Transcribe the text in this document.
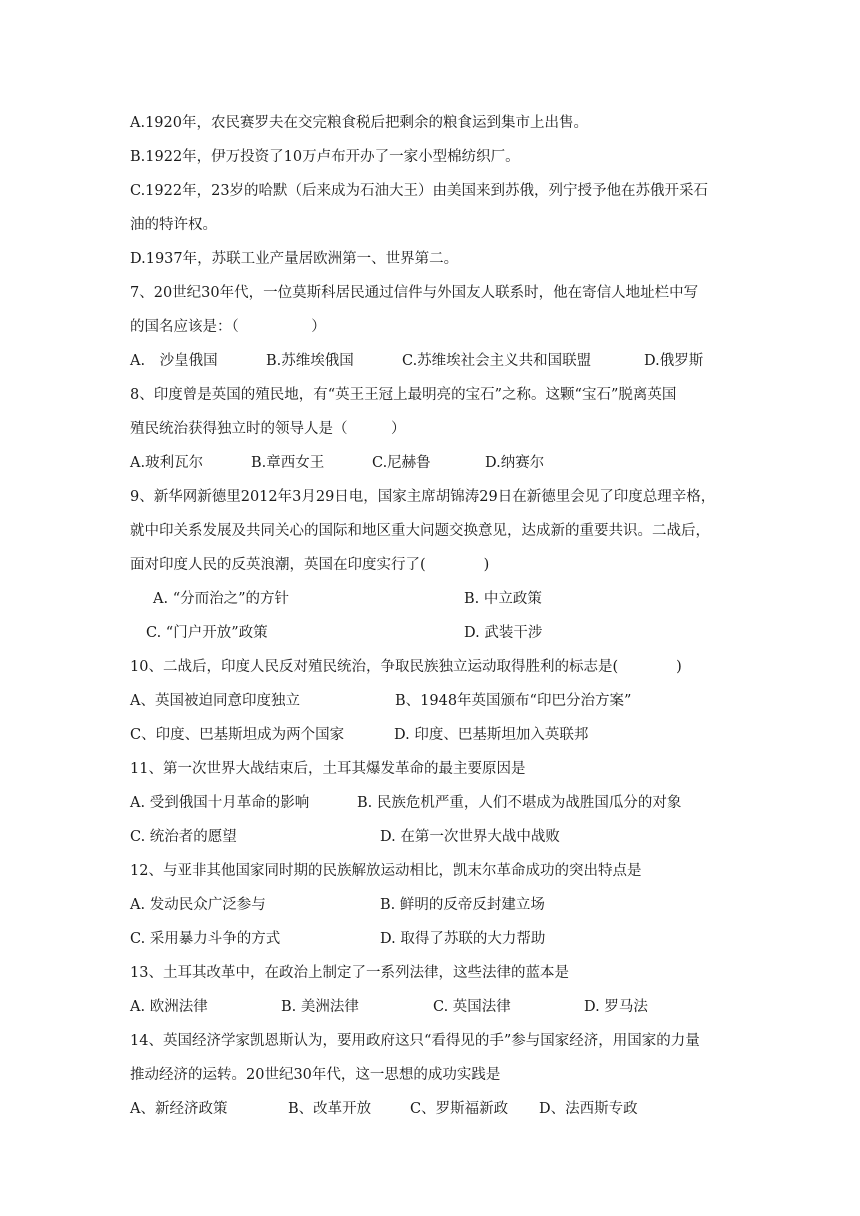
A.1920年，农民赛罗夫在交完粮食税后把剩余的粮食运到集市上出售。
B.1922年，伊万投资了10万卢布开办了一家小型棉纺织厂。
C.1922年，23岁的哈默（后来成为石油大王）由美国来到苏俄，列宁授予他在苏俄开采石
油的特许权。
D.1937年，苏联工业产量居欧洲第一、世界第二。
7、20世纪30年代，一位莫斯科居民通过信件与外国友人联系时，他在寄信人地址栏中写
的国名应该是：（　　　　　）
A.　沙皇俄国	B.苏维埃俄国	C.苏维埃社会主义共和国联盟	D.俄罗斯
8、印度曾是英国的殖民地，有“英王王冠上最明亮的宝石”之称。这颗“宝石”脱离英国
殖民统治获得独立时的领导人是（　　　）
A.玻利瓦尔	B.章西女王	C.尼赫鲁	D.纳赛尔
9、新华网新德里2012年3月29日电，国家主席胡锦涛29日在新德里会见了印度总理辛格，
就中印关系发展及共同关心的国际和地区重大问题交换意见，达成新的重要共识。二战后，
面对印度人民的反英浪潮，英国在印度实行了(　　　　)
A. “分而治之”的方针	B. 中立政策
C. “门户开放”政策	D. 武装干涉
10、二战后，印度人民反对殖民统治，争取民族独立运动取得胜利的标志是(　　　　)
A、英国被迫同意印度独立	B、1948年英国颁布“印巴分治方案”
C、印度、巴基斯坦成为两个国家	D. 印度、巴基斯坦加入英联邦
11、第一次世界大战结束后，土耳其爆发革命的最主要原因是
A. 受到俄国十月革命的影响	B. 民族危机严重，人们不堪成为战胜国瓜分的对象
C. 统治者的愿望	D. 在第一次世界大战中战败
12、与亚非其他国家同时期的民族解放运动相比，凯末尔革命成功的突出特点是
A. 发动民众广泛参与	B. 鲜明的反帝反封建立场
C. 采用暴力斗争的方式	D. 取得了苏联的大力帮助
13、土耳其改革中，在政治上制定了一系列法律，这些法律的蓝本是
A. 欧洲法律	B. 美洲法律	C. 英国法律	D. 罗马法
14、英国经济学家凯恩斯认为，要用政府这只“看得见的手”参与国家经济，用国家的力量
推动经济的运转。20世纪30年代，这一思想的成功实践是
A、新经济政策	B、改革开放	C、罗斯福新政 D、法西斯专政
